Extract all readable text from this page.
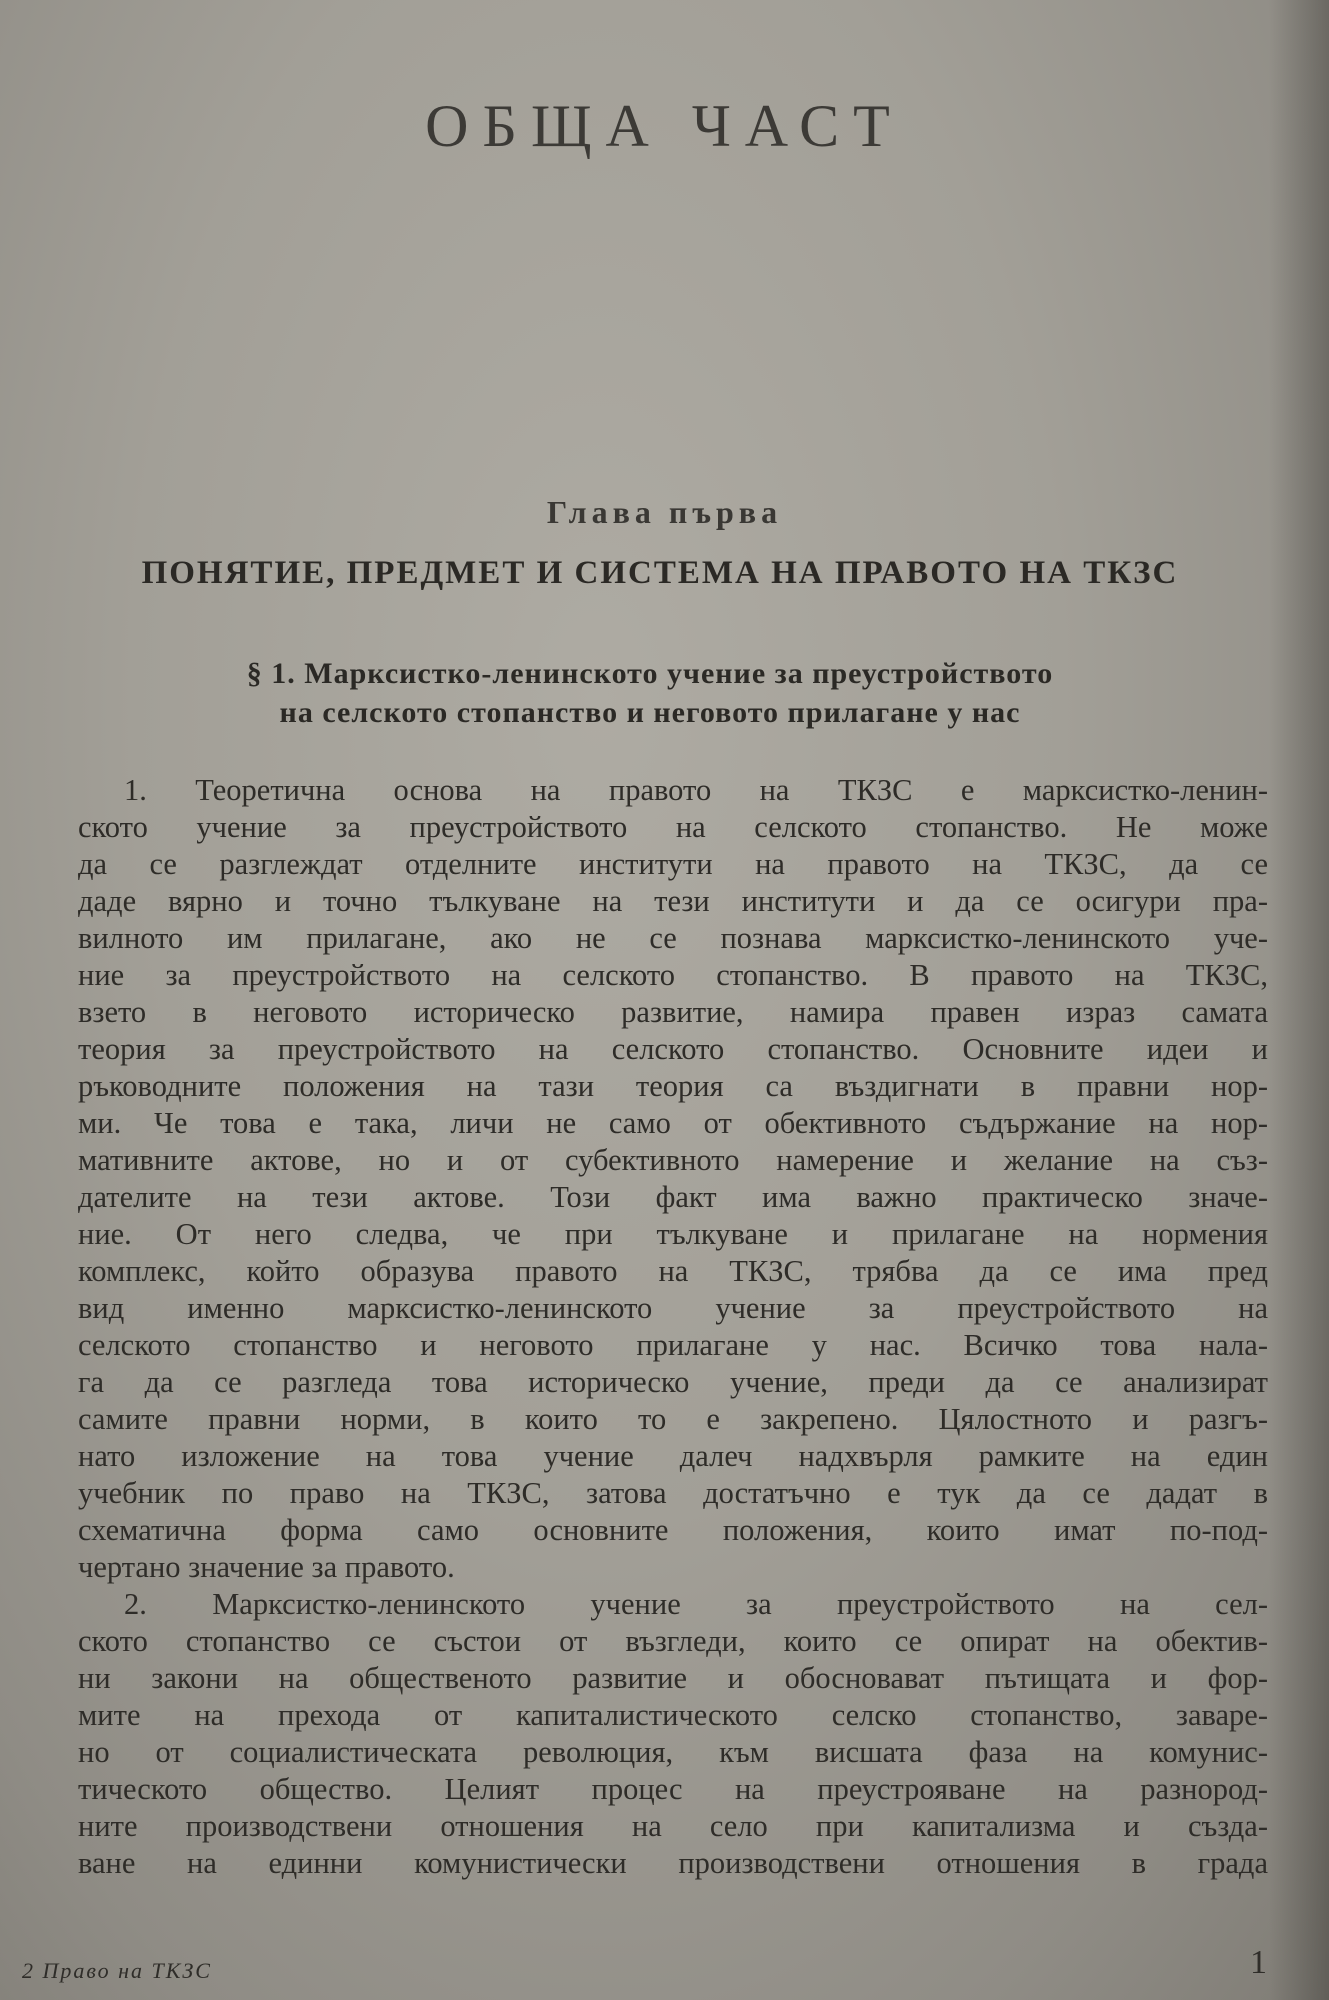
ОБЩА ЧАСТ
Глава първа
ПОНЯТИЕ, ПРЕДМЕТ И СИСТЕМА НА ПРАВОТО НА ТКЗС
§ 1. Марксистко-ленинското учение за преустройството
на селското стопанство и неговото прилагане у нас
1. Теоретична основа на правото на ТКЗС е марксистко-ленин-
ското учение за преустройството на селското стопанство. Не може
да се разглеждат отделните институти на правото на ТКЗС, да се
даде вярно и точно тълкуване на тези институти и да се осигури пра-
вилното им прилагане, ако не се познава марксистко-ленинското уче-
ние за преустройството на селското стопанство. В правото на ТКЗС,
взето в неговото историческо развитие, намира правен израз самата
теория за преустройството на селското стопанство. Основните идеи и
ръководните положения на тази теория са въздигнати в правни нор-
ми. Че това е така, личи не само от обективното съдържание на нор-
мативните актове, но и от субективното намерение и желание на съз-
дателите на тези актове. Този факт има важно практическо значе-
ние. От него следва, че при тълкуване и прилагане на нормения
комплекс, който образува правото на ТКЗС, трябва да се има пред
вид именно марксистко-ленинското учение за преустройството на
селското стопанство и неговото прилагане у нас. Всичко това нала-
га да се разгледа това историческо учение, преди да се анализират
самите правни норми, в които то е закрепено. Цялостното и разгъ-
нато изложение на това учение далеч надхвърля рамките на един
учебник по право на ТКЗС, затова достатъчно е тук да се дадат в
схематична форма само основните положения, които имат по-под-
чертано значение за правото.
2. Марксистко-ленинското учение за преустройството на сел-
ското стопанство се състои от възгледи, които се опират на обектив-
ни закони на общественото развитие и обосновават пътищата и фор-
мите на прехода от капиталистическото селско стопанство, заваре-
но от социалистическата революция, към висшата фаза на комунис-
тическото общество. Целият процес на преустрояване на разнород-
ните производствени отношения на село при капитализма и създа-
ване на единни комунистически производствени отношения в града

2 Право на ТКЗС	1
